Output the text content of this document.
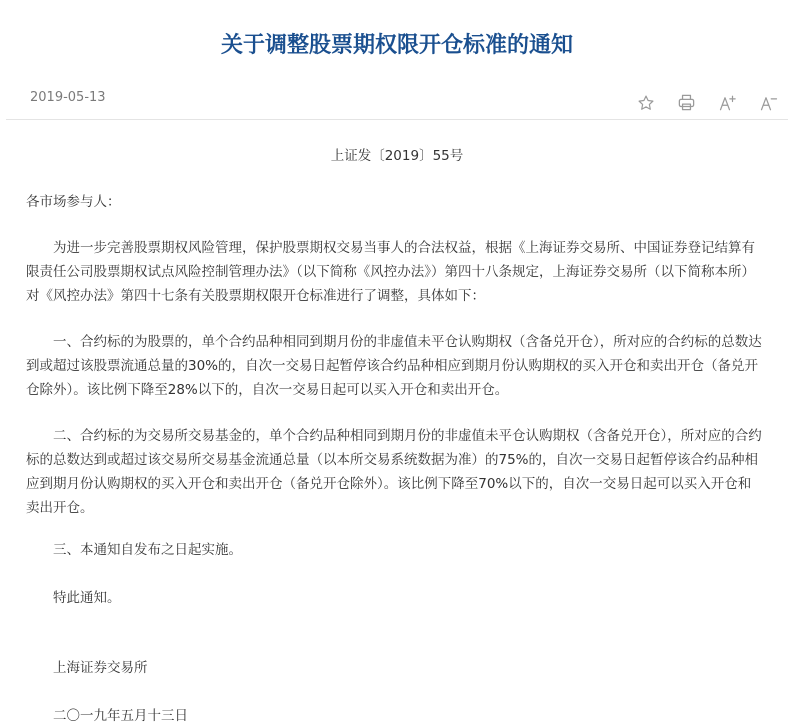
关于调整股票期权限开仓标准的通知
2019-05-13
上证发〔2019〕55号

各市场参与人：

为进一步完善股票期权风险管理，保护股票期权交易当事人的合法权益，根据《上海证券交易所、中国证券登记结算有限责任公司股票期权试点风险控制管理办法》（以下简称《风控办法》）第四十八条规定，上海证券交易所（以下简称本所）对《风控办法》第四十七条有关股票期权限开仓标准进行了调整，具体如下：

一、合约标的为股票的，单个合约品种相同到期月份的非虚值未平仓认购期权（含备兑开仓），所对应的合约标的总数达到或超过该股票流通总量的30%的，自次一交易日起暂停该合约品种相应到期月份认购期权的买入开仓和卖出开仓（备兑开仓除外）。该比例下降至28%以下的，自次一交易日起可以买入开仓和卖出开仓。

二、合约标的为交易所交易基金的，单个合约品种相同到期月份的非虚值未平仓认购期权（含备兑开仓），所对应的合约标的总数达到或超过该交易所交易基金流通总量（以本所交易系统数据为准）的75%的，自次一交易日起暂停该合约品种相应到期月份认购期权的买入开仓和卖出开仓（备兑开仓除外）。该比例下降至70%以下的，自次一交易日起可以买入开仓和卖出开仓。

三、本通知自发布之日起实施。

特此通知。

上海证券交易所

二〇一九年五月十三日
